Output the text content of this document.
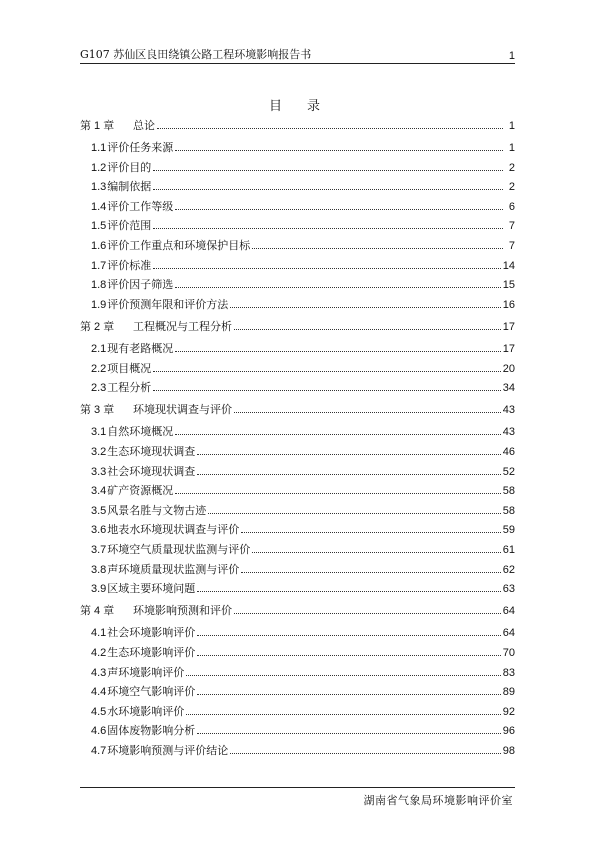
G107 苏仙区良田绕镇公路工程环境影响报告书	1
目　录
第 1 章	总论	1
1.1 评价任务来源	1
1.2 评价目的	2
1.3 编制依据	2
1.4 评价工作等级	6
1.5 评价范围	7
1.6 评价工作重点和环境保护目标	7
1.7 评价标准	14
1.8 评价因子筛选	15
1.9 评价预测年限和评价方法	16
第 2 章	工程概况与工程分析	17
2.1 现有老路概况	17
2.2 项目概况	20
2.3 工程分析	34
第 3 章	环境现状调查与评价	43
3.1 自然环境概况	43
3.2 生态环境现状调查	46
3.3 社会环境现状调查	52
3.4 矿产资源概况	58
3.5 风景名胜与文物古迹	58
3.6 地表水环境现状调查与评价	59
3.7 环境空气质量现状监测与评价	61
3.8 声环境质量现状监测与评价	62
3.9 区域主要环境问题	63
第 4 章	环境影响预测和评价	64
4.1 社会环境影响评价	64
4.2 生态环境影响评价	70
4.3 声环境影响评价	83
4.4 环境空气影响评价	89
4.5 水环境影响评价	92
4.6 固体废物影响分析	96
4.7 环境影响预测与评价结论	98
湖南省气象局环境影响评价室
